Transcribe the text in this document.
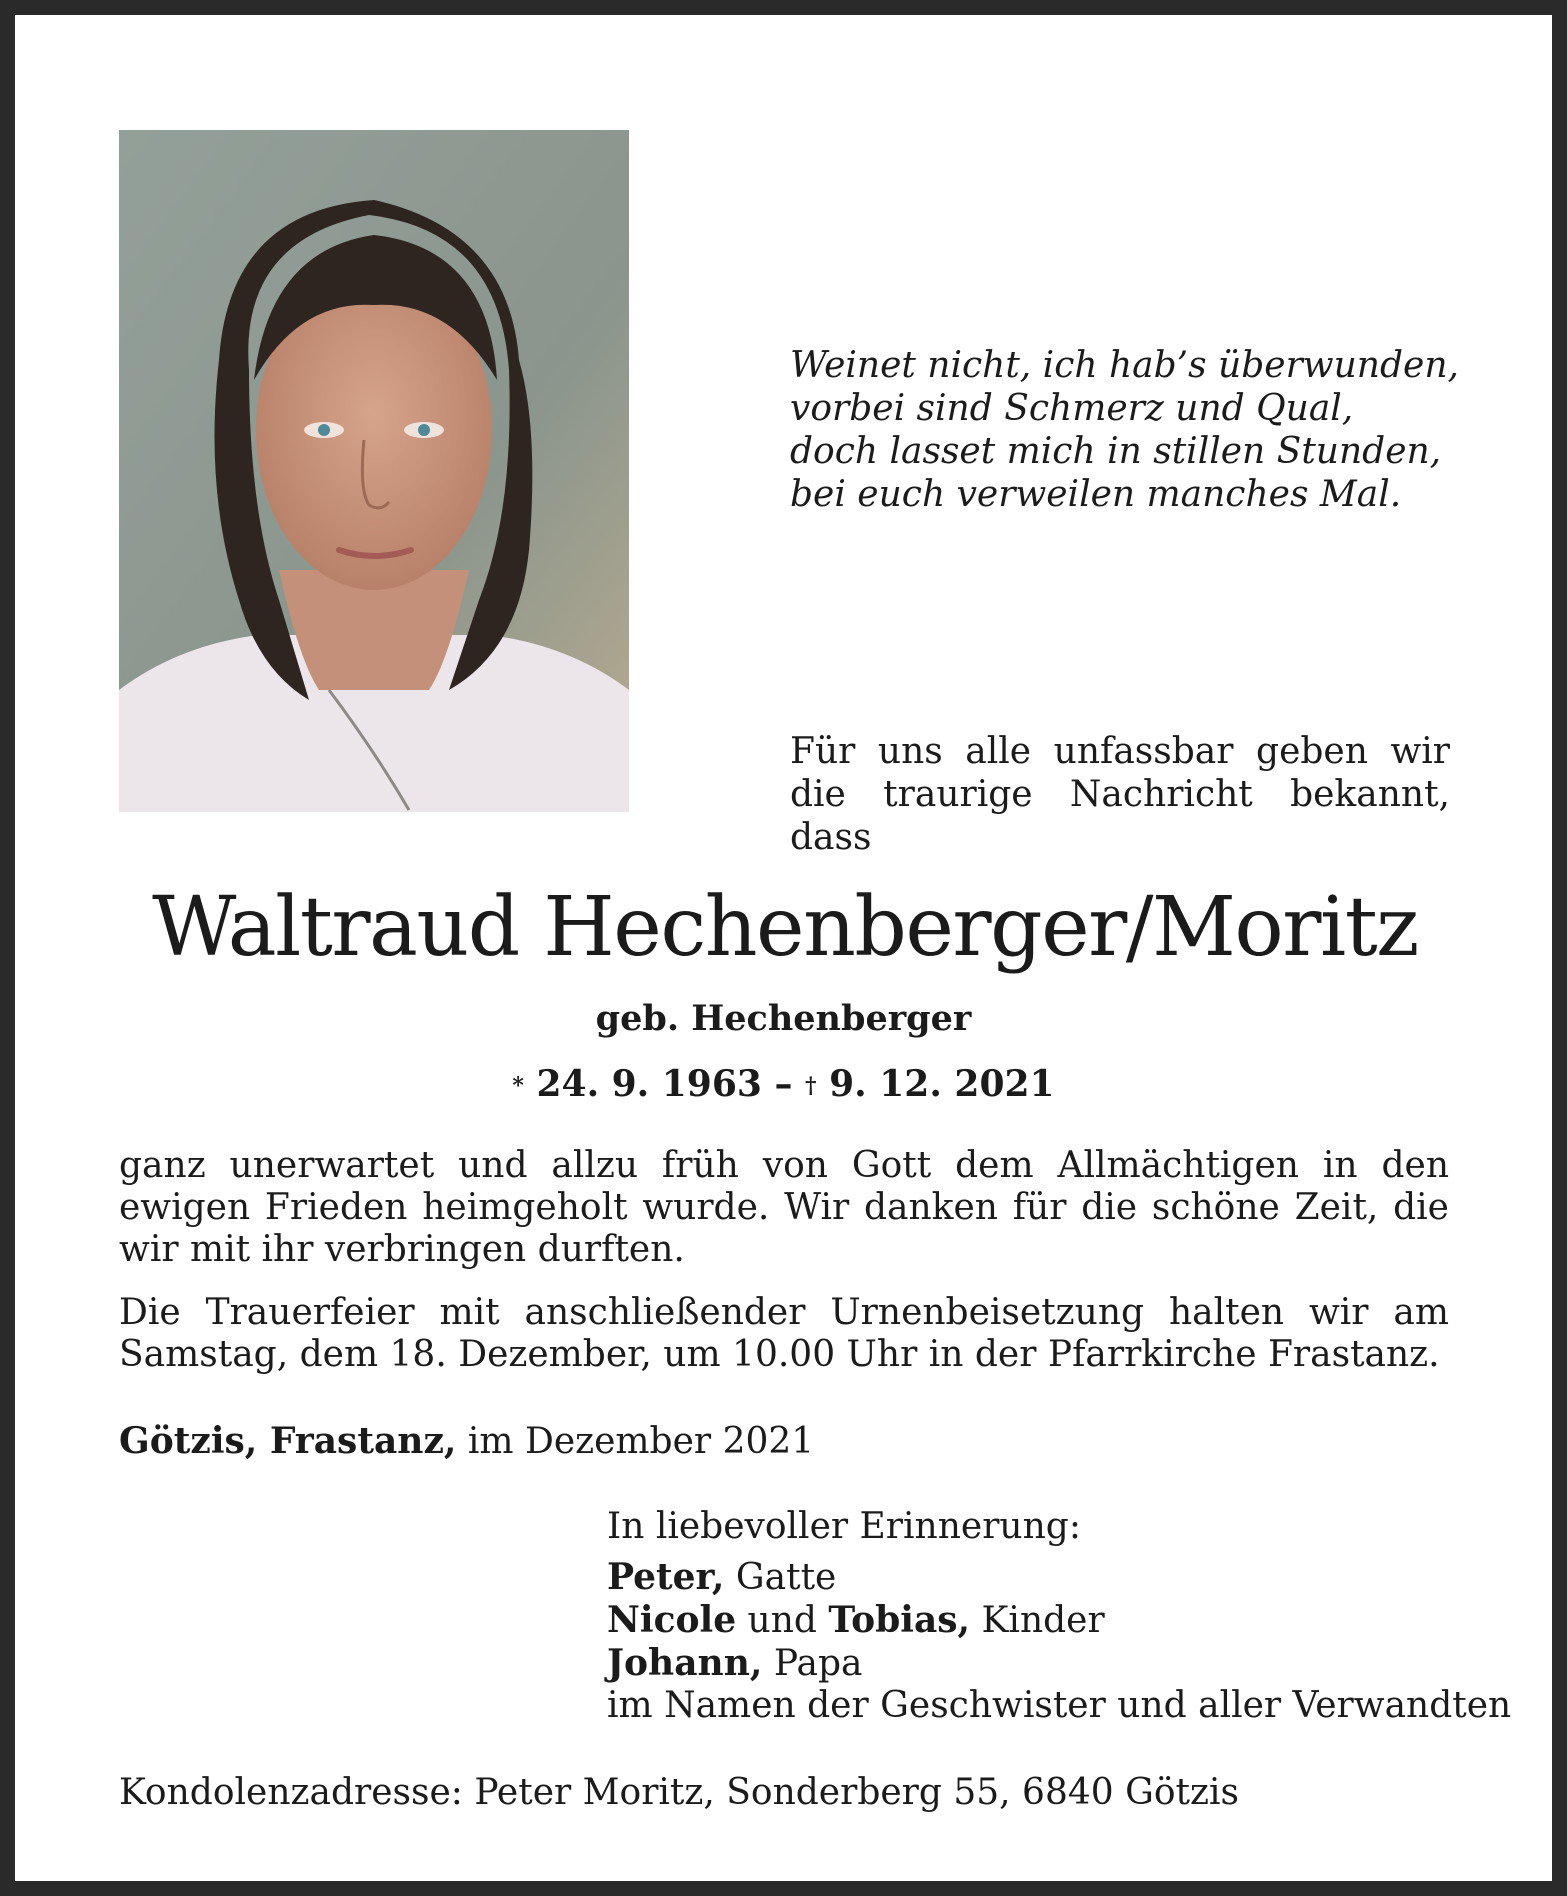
Weinet nicht, ich hab’s überwunden,
vorbei sind Schmerz und Qual,
doch lasset mich in stillen Stunden,
bei euch verweilen manches Mal.
Für uns alle unfassbar geben wir die traurige Nachricht bekannt, dass
Waltraud Hechenberger/Moritz
geb. Hechenberger
* 24. 9. 1963 – † 9. 12. 2021
ganz unerwartet und allzu früh von Gott dem Allmächtigen in den ewigen Frieden heimgeholt wurde. Wir danken für die schöne Zeit, die wir mit ihr verbringen durften.
Die Trauerfeier mit anschließender Urnenbeisetzung halten wir am Samstag, dem 18. Dezember, um 10.00 Uhr in der Pfarrkirche Frastanz.
Götzis, Frastanz, im Dezember 2021
In liebevoller Erinnerung:
Peter, Gatte
Nicole und Tobias, Kinder
Johann, Papa
im Namen der Geschwister und aller Verwandten
Kondolenzadresse: Peter Moritz, Sonderberg 55, 6840 Götzis
